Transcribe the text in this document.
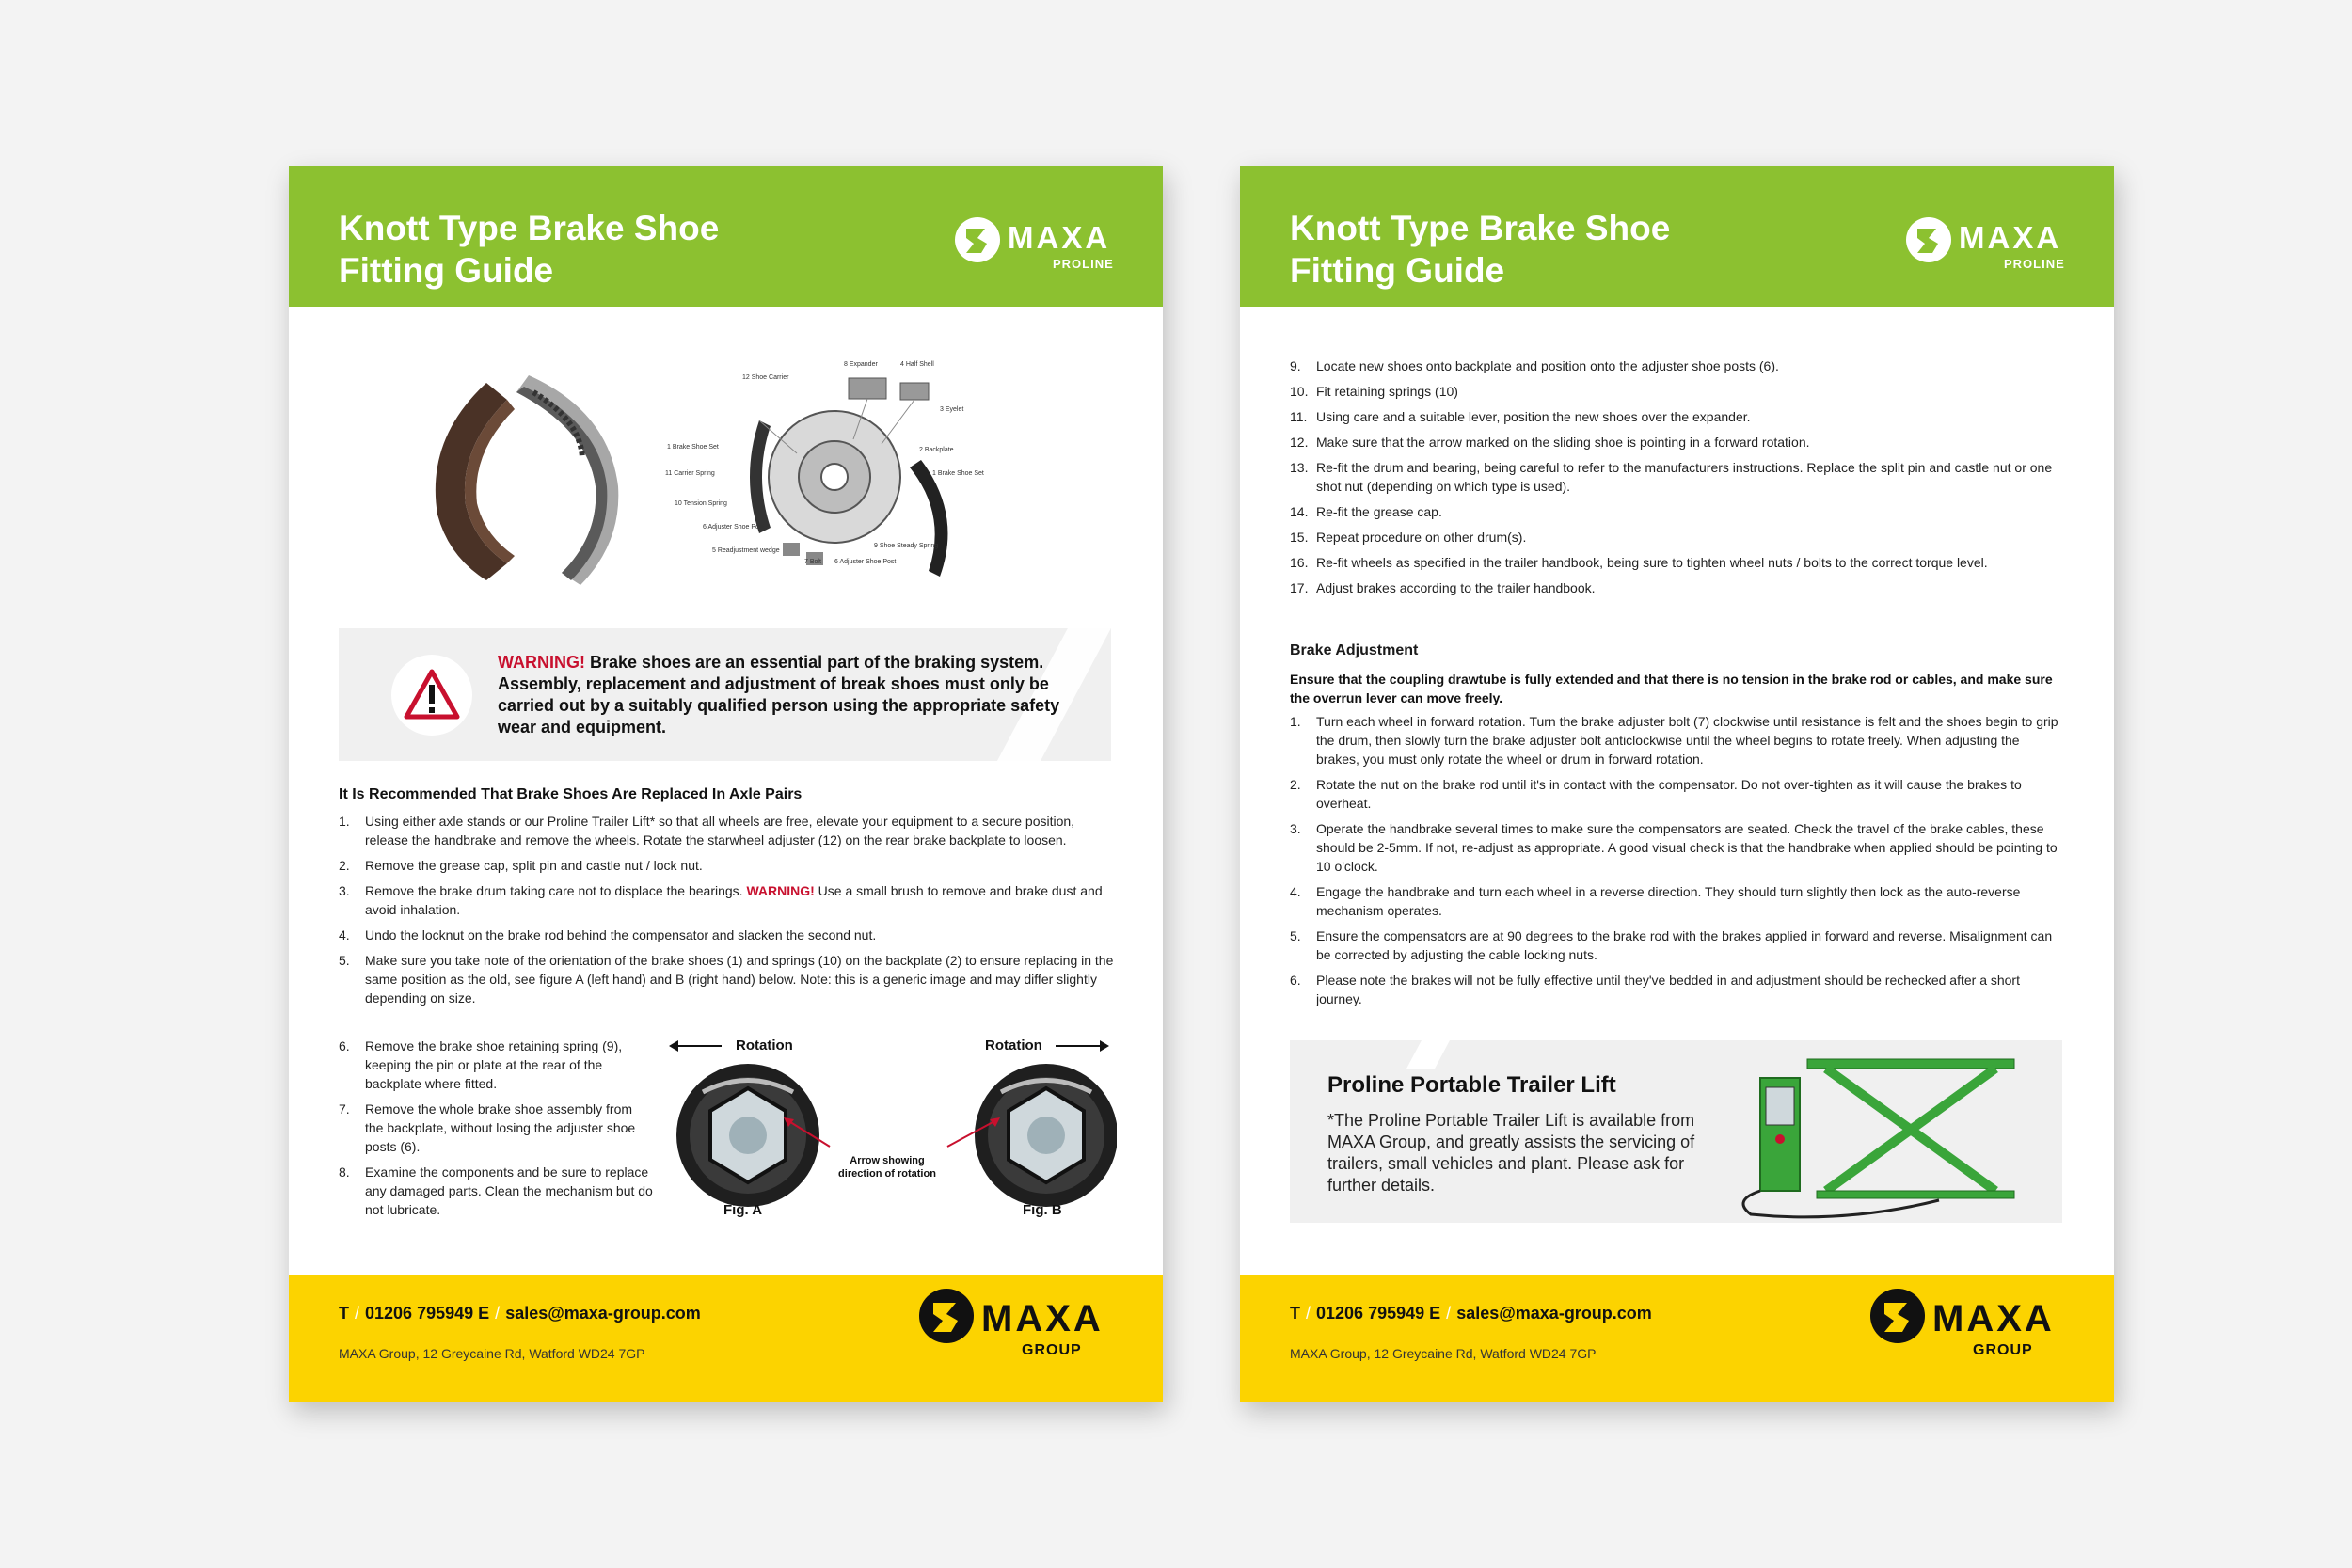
Knott Type Brake Shoe
Fitting Guide
MAXA
PROLINE
8 Expander	4 Half Shell
12 Shoe Carrier
3 Eyelet
1 Brake Shoe Set	2 Backplate
11 Carrier Spring	1 Brake Shoe Set
10 Tension Spring
6 Adjuster Shoe Post
9 Shoe Steady Spring
5 Readjustment wedge
7 Bolt 6 Adjuster Shoe Post
WARNING! Brake shoes are an essential part of the braking system. Assembly, replacement and adjustment of break shoes must only be carried out by a suitably qualified person using the appropriate safety wear and equipment.
It Is Recommended That Brake Shoes Are Replaced In Axle Pairs
1. Using either axle stands or our Proline Trailer Lift* so that all wheels are free, elevate your equipment to a secure position, release the handbrake and remove the wheels. Rotate the starwheel adjuster (12) on the rear brake backplate to loosen.
2. Remove the grease cap, split pin and castle nut / lock nut.
3. Remove the brake drum taking care not to displace the bearings. WARNING! Use a small brush to remove and brake dust and avoid inhalation.
4. Undo the locknut on the brake rod behind the compensator and slacken the second nut.
5. Make sure you take note of the orientation of the brake shoes (1) and springs (10) on the backplate (2) to ensure replacing in the same position as the old, see figure A (left hand) and B (right hand) below. Note: this is a generic image and may differ slightly depending on size.
6. Remove the brake shoe retaining spring (9), keeping the pin or plate at the rear of the backplate where fitted.
7. Remove the whole brake shoe assembly from the backplate, without losing the adjuster shoe posts (6).
8. Examine the components and be sure to replace any damaged parts. Clean the mechanism but do not lubricate.
Rotation	Rotation
Arrow showing direction of rotation
Fig. A	Fig. B
T / 01206 795949 E / sales@maxa-group.com
MAXA Group, 12 Greycaine Rd, Watford WD24 7GP
MAXA
GROUP
Knott Type Brake Shoe
Fitting Guide
MAXA
PROLINE
9. Locate new shoes onto backplate and position onto the adjuster shoe posts (6).
10. Fit retaining springs (10)
11. Using care and a suitable lever, position the new shoes over the expander.
12. Make sure that the arrow marked on the sliding shoe is pointing in a forward rotation.
13. Re-fit the drum and bearing, being careful to refer to the manufacturers instructions. Replace the split pin and castle nut or one shot nut (depending on which type is used).
14. Re-fit the grease cap.
15. Repeat procedure on other drum(s).
16. Re-fit wheels as specified in the trailer handbook, being sure to tighten wheel nuts / bolts to the correct torque level.
17. Adjust brakes according to the trailer handbook.
Brake Adjustment
Ensure that the coupling drawtube is fully extended and that there is no tension in the brake rod or cables, and make sure the overrun lever can move freely.
1. Turn each wheel in forward rotation. Turn the brake adjuster bolt (7) clockwise until resistance is felt and the shoes begin to grip the drum, then slowly turn the brake adjuster bolt anticlockwise until the wheel begins to rotate freely. When adjusting the brakes, you must only rotate the wheel or drum in forward rotation.
2. Rotate the nut on the brake rod until it's in contact with the compensator. Do not over-tighten as it will cause the brakes to overheat.
3. Operate the handbrake several times to make sure the compensators are seated. Check the travel of the brake cables, these should be 2-5mm. If not, re-adjust as appropriate. A good visual check is that the handbrake when applied should be pointing to 10 o'clock.
4. Engage the handbrake and turn each wheel in a reverse direction. They should turn slightly then lock as the auto-reverse mechanism operates.
5. Ensure the compensators are at 90 degrees to the brake rod with the brakes applied in forward and reverse. Misalignment can be corrected by adjusting the cable locking nuts.
6. Please note the brakes will not be fully effective until they've bedded in and adjustment should be rechecked after a short journey.
Proline Portable Trailer Lift
*The Proline Portable Trailer Lift is available from MAXA Group, and greatly assists the servicing of trailers, small vehicles and plant. Please ask for further details.
T / 01206 795949 E / sales@maxa-group.com
MAXA Group, 12 Greycaine Rd, Watford WD24 7GP
MAXA
GROUP
